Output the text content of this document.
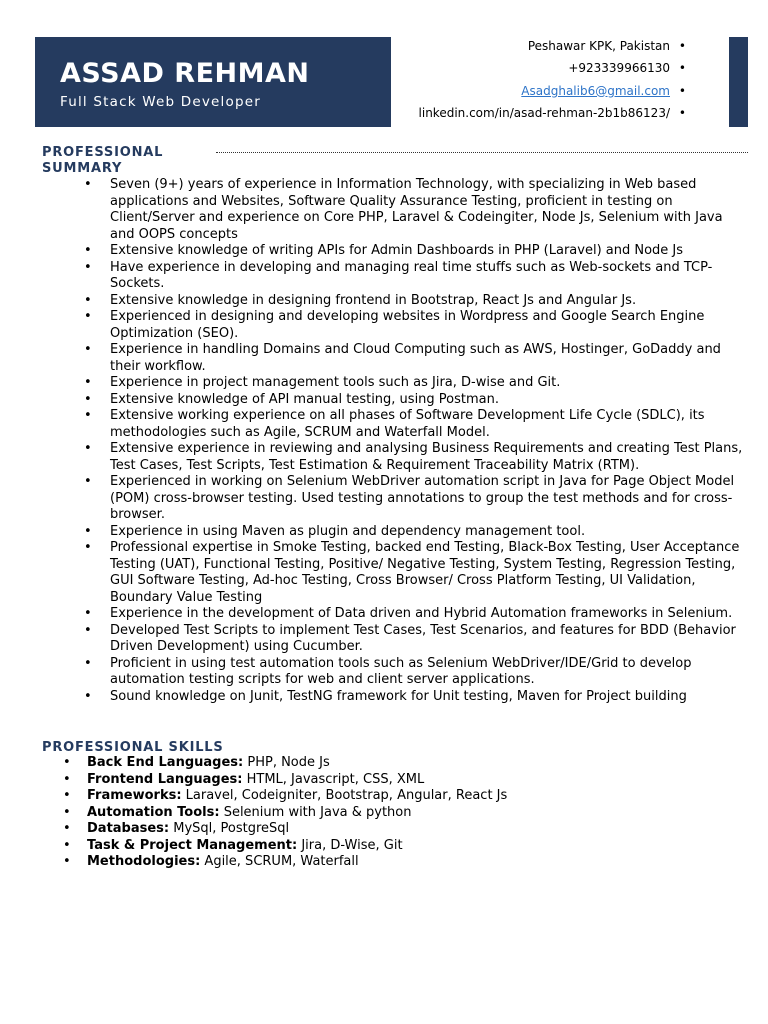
ASSAD REHMAN
Full Stack Web Developer
Peshawar KPK, Pakistan •
+923339966130 •
Asadghalib6@gmail.com •
linkedin.com/in/asad-rehman-2b1b86123/ •
PROFESSIONAL SUMMARY
• Seven (9+) years of experience in Information Technology, with specializing in Web based applications and Websites, Software Quality Assurance Testing, proficient in testing on Client/Server and experience on Core PHP, Laravel & Codeingiter, Node Js, Selenium with Java and OOPS concepts
• Extensive knowledge of writing APIs for Admin Dashboards in PHP (Laravel) and Node Js
• Have experience in developing and managing real time stuffs such as Web-sockets and TCP-Sockets.
• Extensive knowledge in designing frontend in Bootstrap, React Js and Angular Js.
• Experienced in designing and developing websites in Wordpress and Google Search Engine Optimization (SEO).
• Experience in handling Domains and Cloud Computing such as AWS, Hostinger, GoDaddy and their workflow.
• Experience in project management tools such as Jira, D-wise and Git.
• Extensive knowledge of API manual testing, using Postman.
• Extensive working experience on all phases of Software Development Life Cycle (SDLC), its methodologies such as Agile, SCRUM and Waterfall Model.
• Extensive experience in reviewing and analysing Business Requirements and creating Test Plans, Test Cases, Test Scripts, Test Estimation & Requirement Traceability Matrix (RTM).
• Experienced in working on Selenium WebDriver automation script in Java for Page Object Model (POM) cross-browser testing. Used testing annotations to group the test methods and for cross-browser.
• Experience in using Maven as plugin and dependency management tool.
• Professional expertise in Smoke Testing, backed end Testing, Black-Box Testing, User Acceptance Testing (UAT), Functional Testing, Positive/ Negative Testing, System Testing, Regression Testing, GUI Software Testing, Ad-hoc Testing, Cross Browser/ Cross Platform Testing, UI Validation, Boundary Value Testing
• Experience in the development of Data driven and Hybrid Automation frameworks in Selenium.
• Developed Test Scripts to implement Test Cases, Test Scenarios, and features for BDD (Behavior Driven Development) using Cucumber.
• Proficient in using test automation tools such as Selenium WebDriver/IDE/Grid to develop automation testing scripts for web and client server applications.
• Sound knowledge on Junit, TestNG framework for Unit testing, Maven for Project building
PROFESSIONAL SKILLS
• Back End Languages: PHP, Node Js
• Frontend Languages: HTML, Javascript, CSS, XML
• Frameworks: Laravel, Codeigniter, Bootstrap, Angular, React Js
• Automation Tools: Selenium with Java & python
• Databases: MySql, PostgreSql
• Task & Project Management: Jira, D-Wise, Git
• Methodologies: Agile, SCRUM, Waterfall
